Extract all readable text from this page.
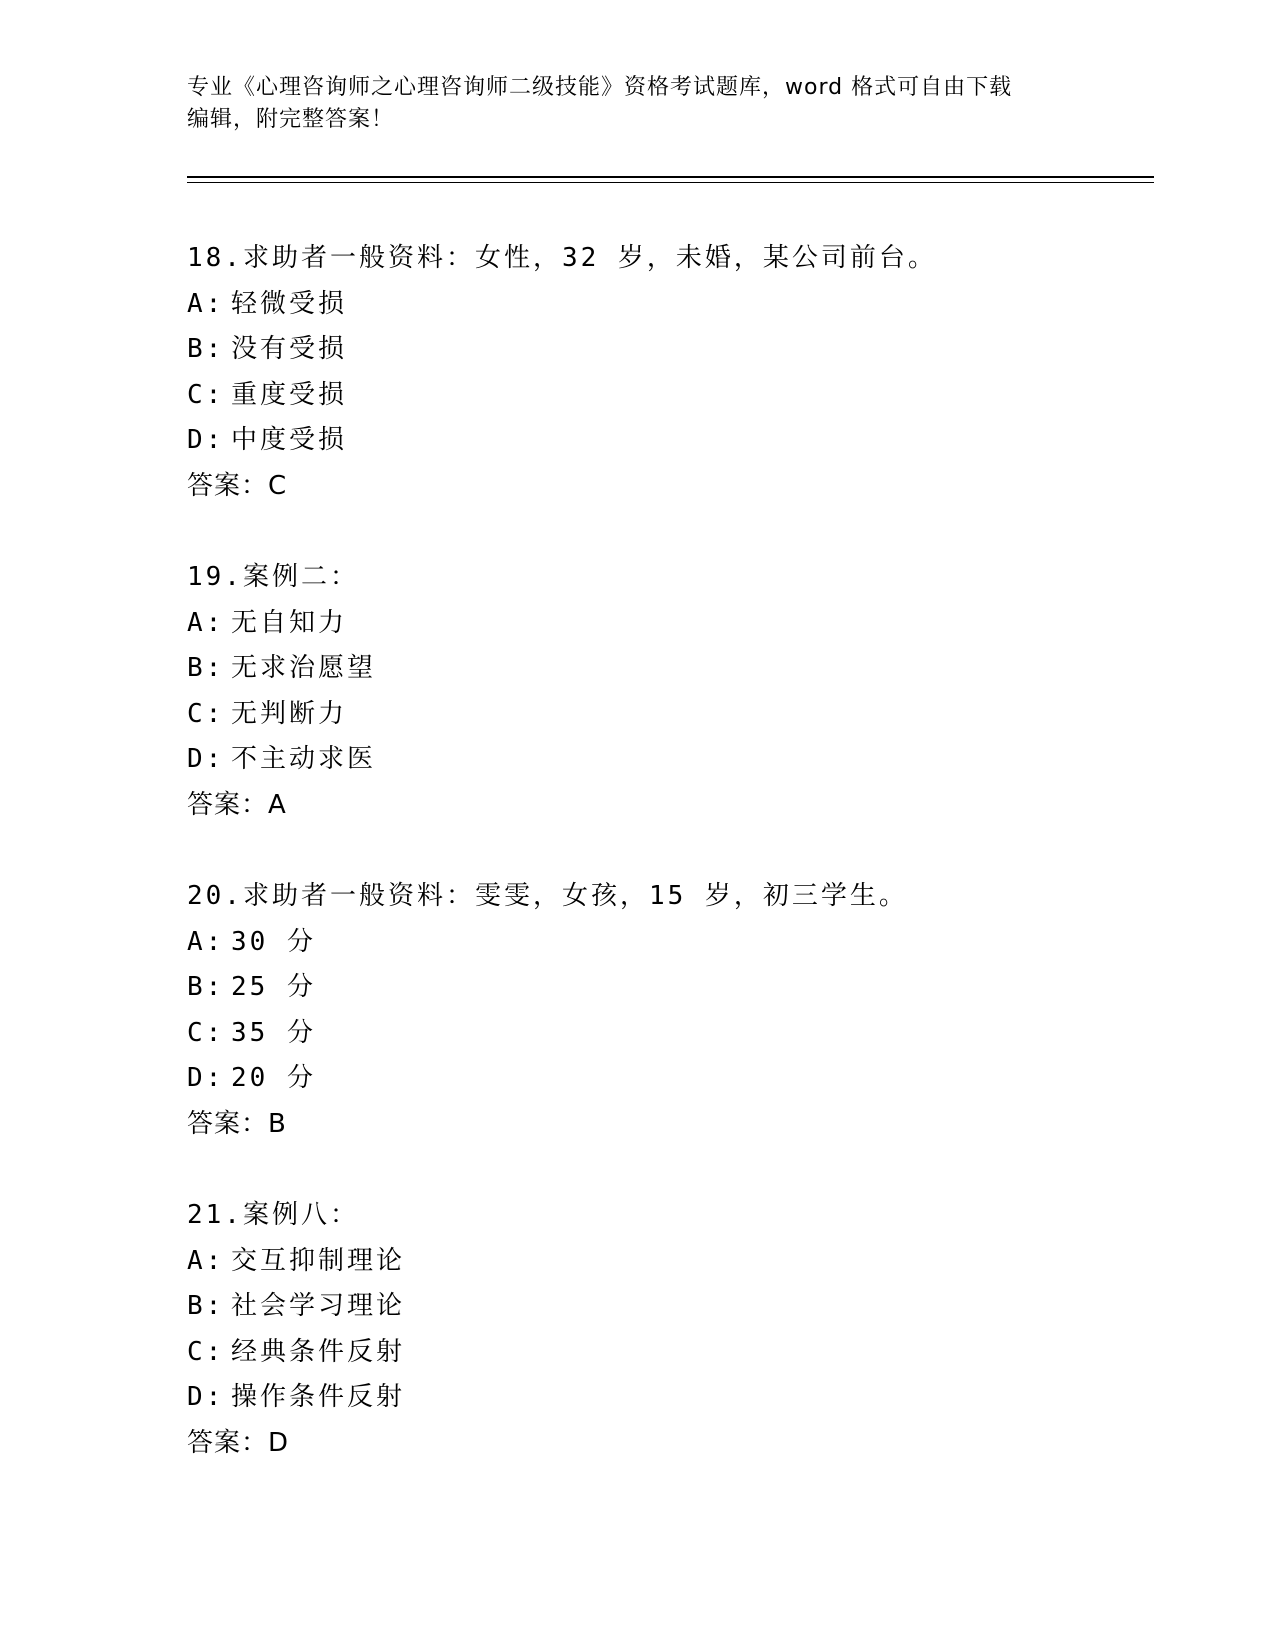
专业《心理咨询师之心理咨询师二级技能》资格考试题库，word 格式可自由下载
编辑，附完整答案！
18.求助者一般资料：女性，32 岁，未婚，某公司前台。
A: 轻微受损
B: 没有受损
C: 重度受损
D: 中度受损
答案：C
19.案例二：
A: 无自知力
B: 无求治愿望
C: 无判断力
D: 不主动求医
答案：A
20.求助者一般资料：雯雯，女孩，15 岁，初三学生。
A: 30 分
B: 25 分
C: 35 分
D: 20 分
答案：B
21.案例八：
A: 交互抑制理论
B: 社会学习理论
C: 经典条件反射
D: 操作条件反射
答案：D
